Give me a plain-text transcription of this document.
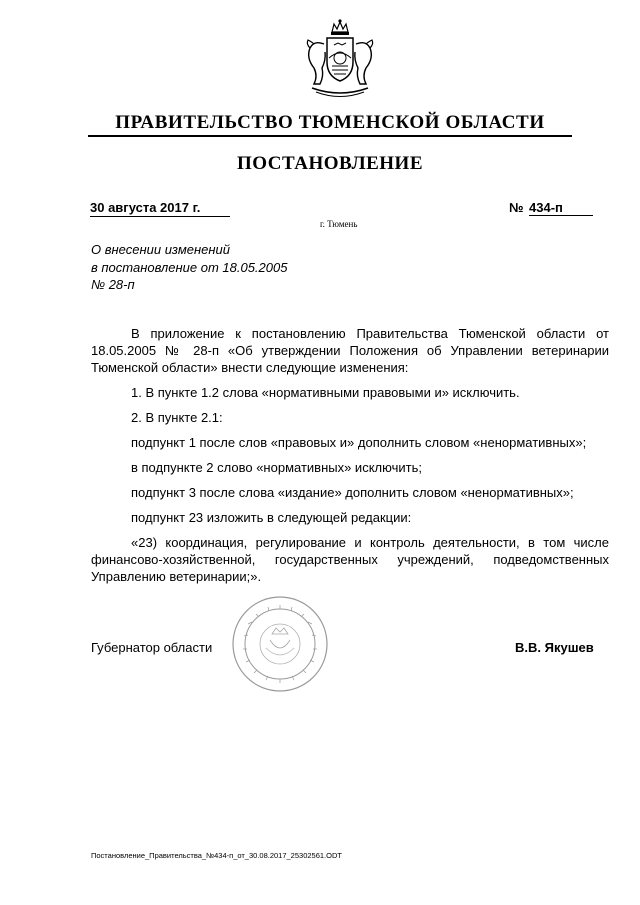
ПРАВИТЕЛЬСТВО ТЮМЕНСКОЙ ОБЛАСТИ
ПОСТАНОВЛЕНИЕ
30 августа 2017 г.	№ 434-п
г. Тюмень
О внесении изменений
в постановление от 18.05.2005
№ 28-п

В приложение к постановлению Правительства Тюменской области от 18.05.2005 № 28-п «Об утверждении Положения об Управлении ветеринарии Тюменской области» внести следующие изменения:

1. В пункте 1.2 слова «нормативными правовыми и» исключить.

2. В пункте 2.1:

подпункт 1 после слов «правовых и» дополнить словом «ненормативных»;

в подпункте 2 слово «нормативных» исключить;

подпункт 3 после слова «издание» дополнить словом «ненормативных»;

подпункт 23 изложить в следующей редакции:

«23) координация, регулирование и контроль деятельности, в том числе финансово-хозяйственной, государственных учреждений, подведомственных Управлению ветеринарии;».

Губернатор области	В.В. Якушев
Постановление_Правительства_№434-п_от_30.08.2017_25302561.ODT
